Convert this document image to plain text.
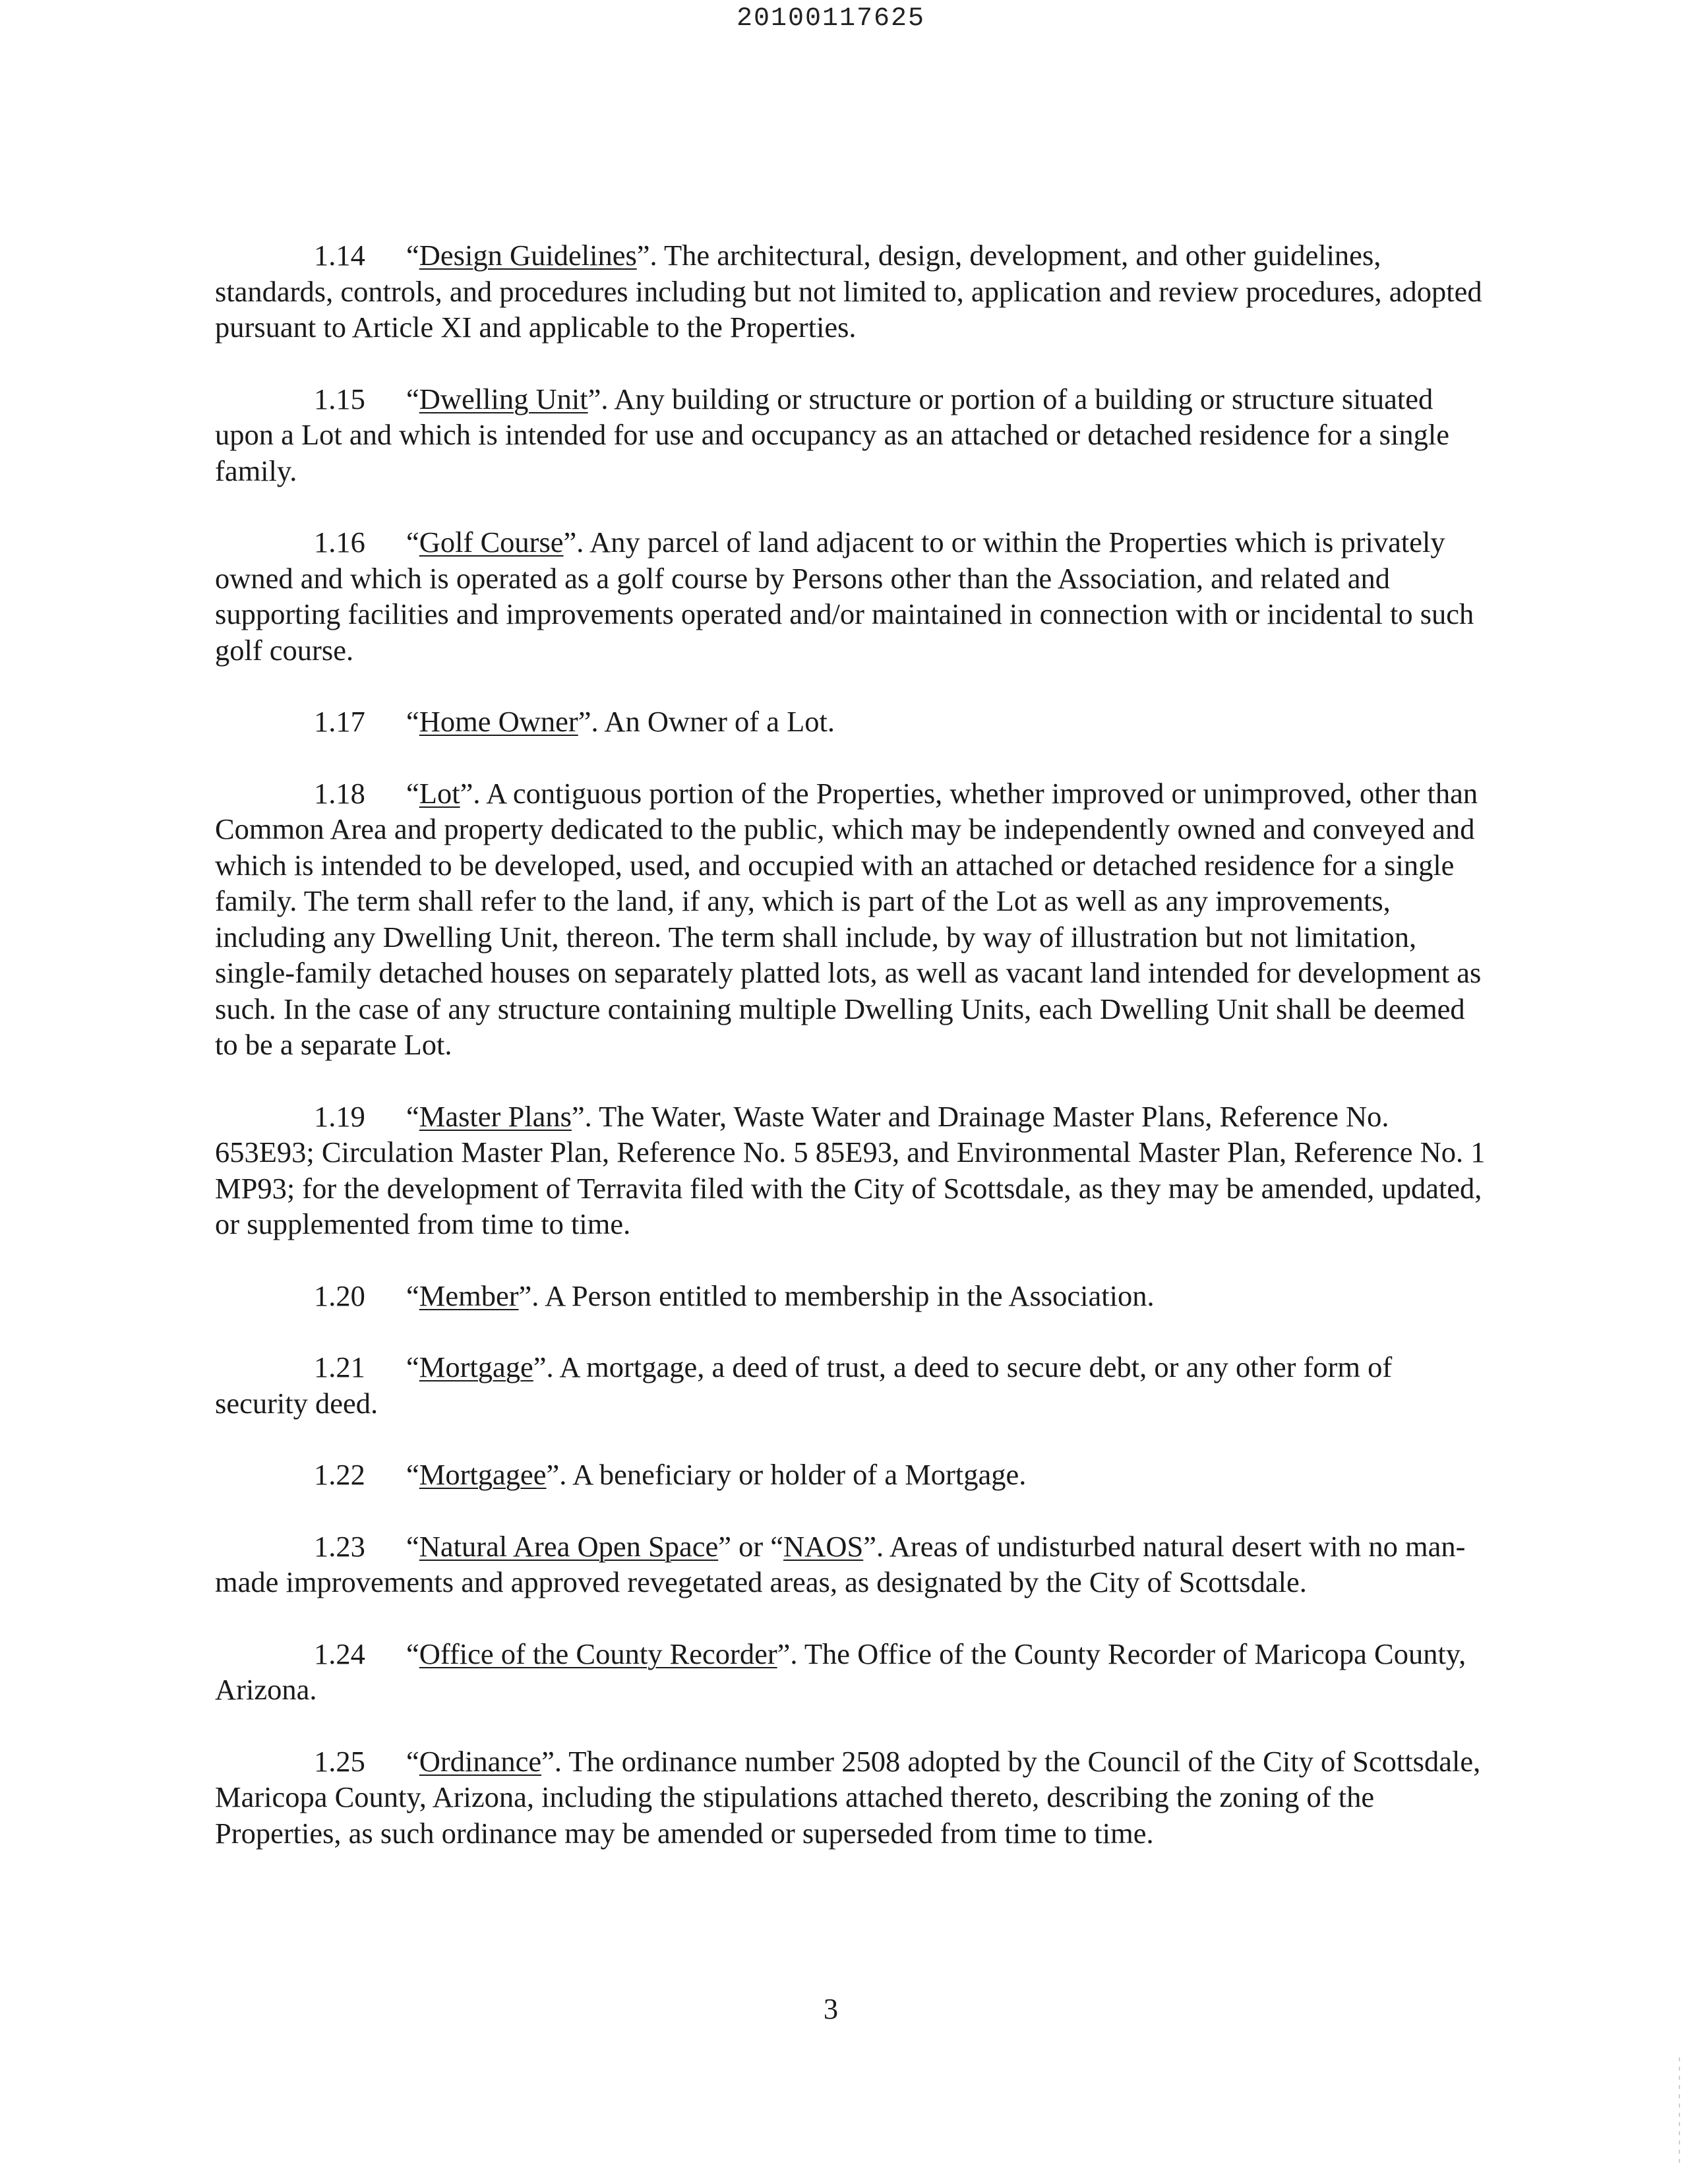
20100117625

1.14 “Design Guidelines”. The architectural, design, development, and other guidelines, standards, controls, and procedures including but not limited to, application and review procedures, adopted pursuant to Article XI and applicable to the Properties.

1.15 “Dwelling Unit”. Any building or structure or portion of a building or structure situated upon a Lot and which is intended for use and occupancy as an attached or detached residence for a single family.

1.16 “Golf Course”. Any parcel of land adjacent to or within the Properties which is privately owned and which is operated as a golf course by Persons other than the Association, and related and supporting facilities and improvements operated and/or maintained in connection with or incidental to such golf course.

1.17 “Home Owner”. An Owner of a Lot.

1.18 “Lot”. A contiguous portion of the Properties, whether improved or unimproved, other than Common Area and property dedicated to the public, which may be independently owned and conveyed and which is intended to be developed, used, and occupied with an attached or detached residence for a single family. The term shall refer to the land, if any, which is part of the Lot as well as any improvements, including any Dwelling Unit, thereon. The term shall include, by way of illustration but not limitation, single-family detached houses on separately platted lots, as well as vacant land intended for development as such. In the case of any structure containing multiple Dwelling Units, each Dwelling Unit shall be deemed to be a separate Lot.

1.19 “Master Plans”. The Water, Waste Water and Drainage Master Plans, Reference No. 653E93; Circulation Master Plan, Reference No. 5 85E93, and Environmental Master Plan, Reference No. 1 MP93; for the development of Terravita filed with the City of Scottsdale, as they may be amended, updated, or supplemented from time to time.

1.20 “Member”. A Person entitled to membership in the Association.

1.21 “Mortgage”. A mortgage, a deed of trust, a deed to secure debt, or any other form of security deed.

1.22 “Mortgagee”. A beneficiary or holder of a Mortgage.

1.23 “Natural Area Open Space” or “NAOS”. Areas of undisturbed natural desert with no man-made improvements and approved revegetated areas, as designated by the City of Scottsdale.

1.24 “Office of the County Recorder”. The Office of the County Recorder of Maricopa County, Arizona.

1.25 “Ordinance”. The ordinance number 2508 adopted by the Council of the City of Scottsdale, Maricopa County, Arizona, including the stipulations attached thereto, describing the zoning of the Properties, as such ordinance may be amended or superseded from time to time.

3
